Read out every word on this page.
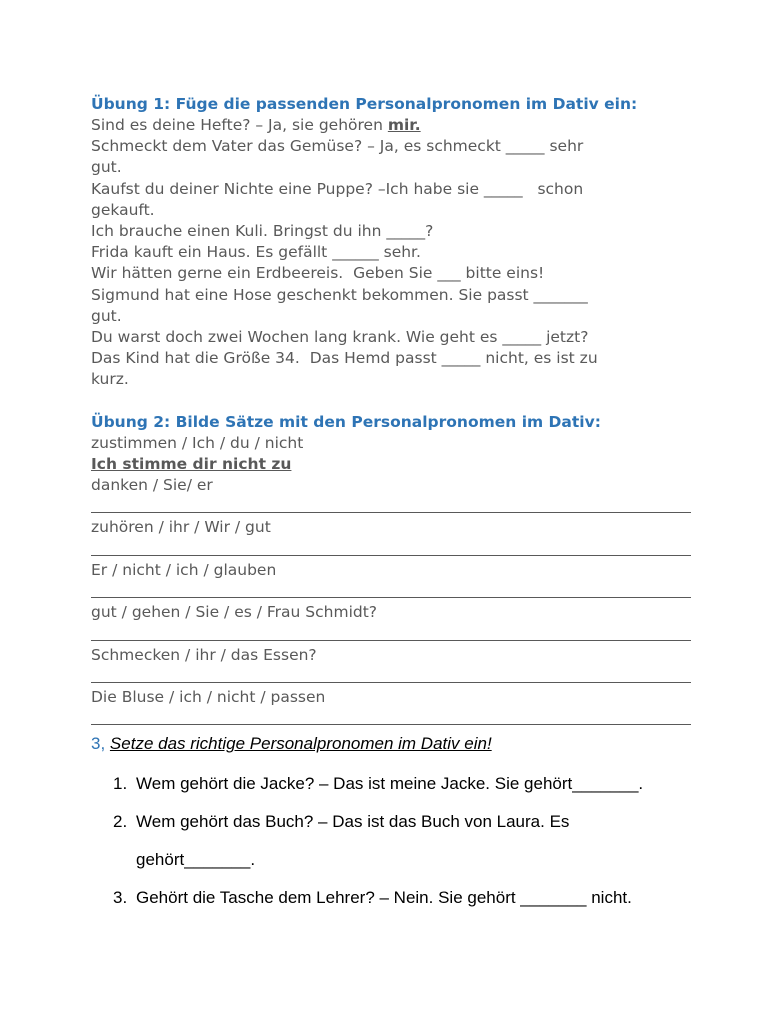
Übung 1: Füge die passenden Personalpronomen im Dativ ein:

Sind es deine Hefte? – Ja, sie gehören mir.

Schmeckt dem Vater das Gemüse? – Ja, es schmeckt _____ sehr

gut.

Kaufst du deiner Nichte eine Puppe? –Ich habe sie _____   schon

gekauft.

Ich brauche einen Kuli. Bringst du ihn _____?

Frida kauft ein Haus. Es gefällt ______ sehr.

Wir hätten gerne ein Erdbeereis.  Geben Sie ___ bitte eins!

Sigmund hat eine Hose geschenkt bekommen. Sie passt _______

gut.

Du warst doch zwei Wochen lang krank. Wie geht es _____ jetzt?

Das Kind hat die Größe 34.  Das Hemd passt _____ nicht, es ist zu

kurz.

Übung 2: Bilde Sätze mit den Personalpronomen im Dativ:

zustimmen / Ich / du / nicht

Ich stimme dir nicht zu

danken / Sie/ er

zuhören / ihr / Wir / gut

Er / nicht / ich / glauben

gut / gehen / Sie / es / Frau Schmidt?

Schmecken / ihr / das Essen?

Die Bluse / ich / nicht / passen

3, Setze das richtige Personalpronomen im Dativ ein!
1. Wem gehört die Jacke? – Das ist meine Jacke. Sie gehört_______.
2. Wem gehört das Buch? – Das ist das Buch von Laura. Es
gehört_______.
3. Gehört die Tasche dem Lehrer? – Nein. Sie gehört _______ nicht.
